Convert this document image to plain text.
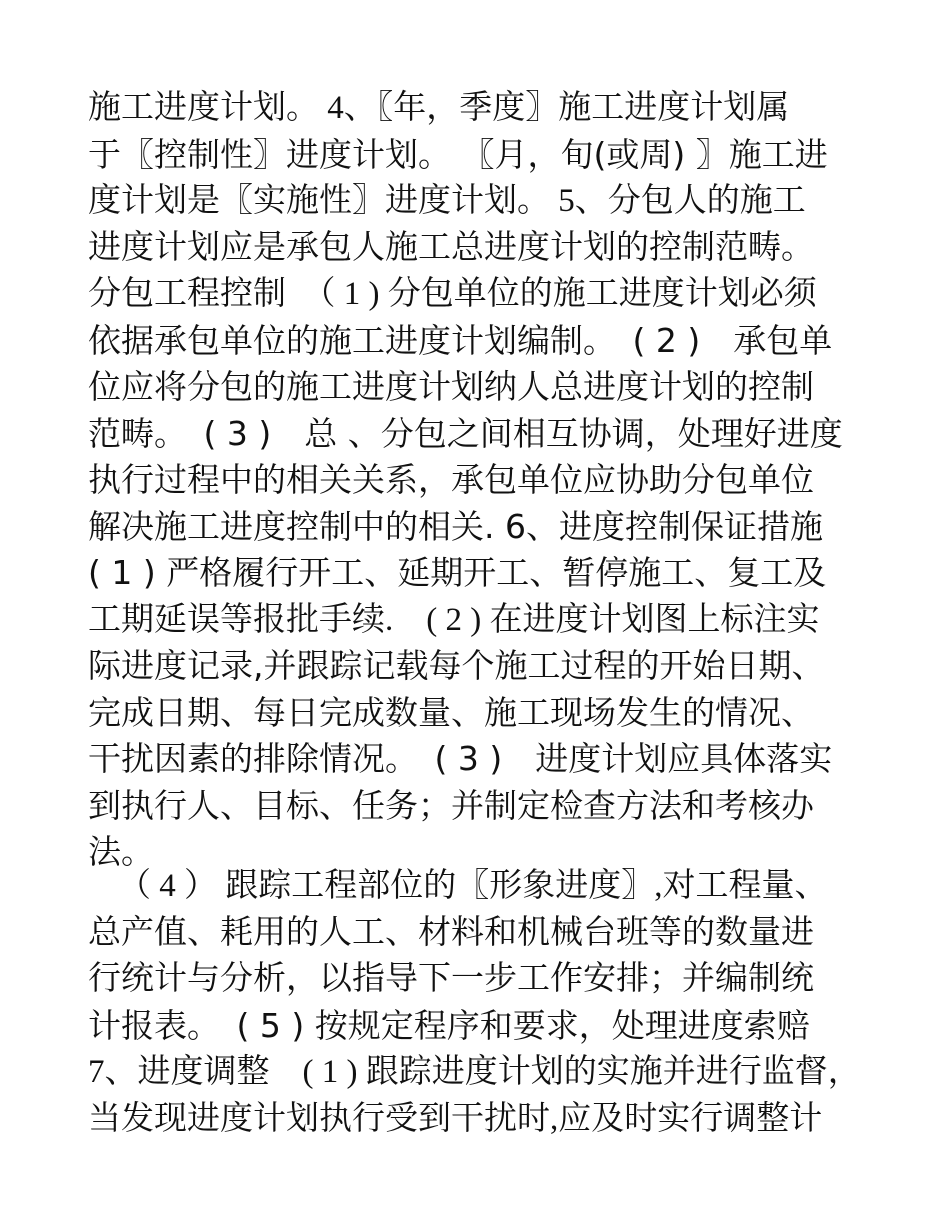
施工进度计划。 4、〖年，季度〗施工进度计划属
于〖控制性〗进度计划。 〖月，旬(或周) 〗施工进
度计划是〖实施性〗进度计划。 5、分包人的施工
进度计划应是承包人施工总进度计划的控制范畴。
分包工程控制　（ 1 ) 分包单位的施工进度计划必须
依据承包单位的施工进度计划编制。　( 2 )　承包单
位应将分包的施工进度计划纳人总进度计划的控制
范畴。　( 3 )　总 、分包之间相互协调，处理好进度
执行过程中的相关关系，承包单位应协助分包单位
解决施工进度控制中的相关. 6、进度控制保证措施
( 1 ) 严格履行开工、延期开工、暂停施工、复工及
工期延误等报批手续.　( 2 ) 在进度计划图上标注实
际进度记录,并跟踪记载每个施工过程的开始日期、
完成日期、每日完成数量、施工现场发生的情况、
干扰因素的排除情况。　( 3 )　进度计划应具体落实
到执行人、目标、任务；并制定检查方法和考核办
法。
（ 4 ） 跟踪工程部位的〖形象进度〗,对工程量、
总产值、耗用的人工、材料和机械台班等的数量进
行统计与分析，以指导下一步工作安排；并编制统
计报表。　( 5 ) 按规定程序和要求，处理进度索赔
7、进度调整　( 1 ) 跟踪进度计划的实施并进行监督，
当发现进度计划执行受到干扰时,应及时实行调整计
